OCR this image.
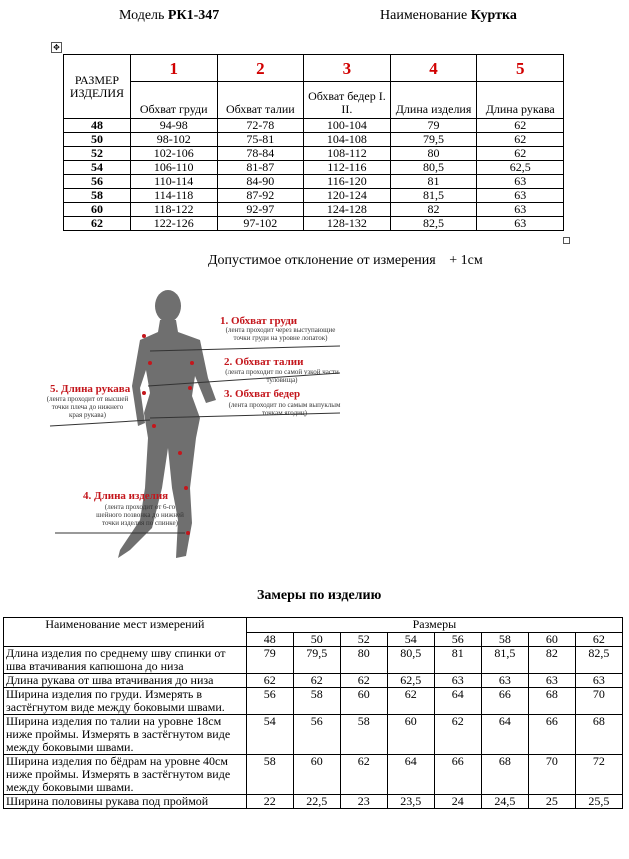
Модель РК1-347	Наименование Куртка
✥
РАЗМЕР ИЗДЕЛИЯ	1	2	3	4	5
	Обхват груди	Обхват талии	Обхват бедер I. II.	Длина изделия	Длина рукава
48	94-98	72-78	100-104	79	62
50	98-102	75-81	104-108	79,5	62
52	102-106	78-84	108-112	80	62
54	106-110	81-87	112-116	80,5	62,5
56	110-114	84-90	116-120	81	63
58	114-118	87-92	120-124	81,5	63
60	118-122	92-97	124-128	82	63
62	122-126	97-102	128-132	82,5	63
Допустимое отклонение от измерения + 1см
1. Обхват груди
(лента проходит через выступающие точки груди на уровне лопаток)
2. Обхват талии
(лента проходит по самой узкой части туловища)
3. Обхват бедер
(лента проходит по самым выпуклым точкам ягодиц)
5. Длина рукава
(лента проходит от высшей точки плеча до нижнего края рукава)
4. Длина изделия
(лента проходит от 6-го шейного позвонка до нижней точки изделия по спинке)
Замеры по изделию
Наименование мест измерений	Размеры							
	48	50	52	54	56	58	60	62
Длина изделия по среднему шву спинки от шва втачивания капюшона до низа	79	79,5	80	80,5	81	81,5	82	82,5
Длина рукава от шва втачивания до низа	62	62	62	62,5	63	63	63	63
Ширина изделия по груди. Измерять в застёгнутом виде между боковыми швами.	56	58	60	62	64	66	68	70
Ширина изделия по талии на уровне 18см ниже проймы. Измерять в застёгнутом виде между боковыми швами.	54	56	58	60	62	64	66	68
Ширина изделия по бёдрам на уровне 40см ниже проймы. Измерять в застёгнутом виде между боковыми швами.	58	60	62	64	66	68	70	72
Ширина половины рукава под проймой	22	22,5	23	23,5	24	24,5	25	25,5
